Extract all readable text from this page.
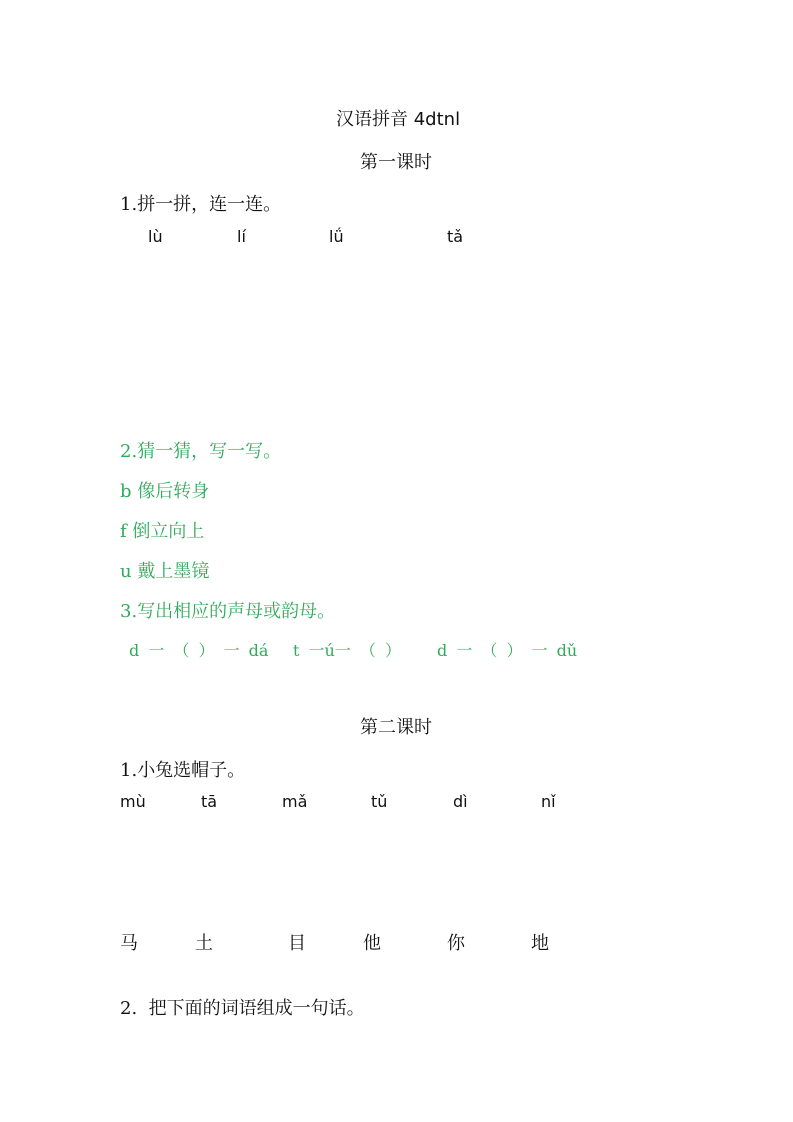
汉语拼音 4dtnl
第一课时
1.拼一拼，连一连。
lù	lí	lǘ	tǎ
2.猜一猜，写一写。
b 像后转身
f 倒立向上
u 戴上墨镜
3.写出相应的声母或韵母。
d 一 （ ） 一 dá t 一ú一 （ ） d 一 （ ） 一 dǔ
第二课时
1.小兔选帽子。
mù	tā	mǎ	tǔ	dì	nǐ
马	土	目	他	你	地
2. 把下面的词语组成一句话。
